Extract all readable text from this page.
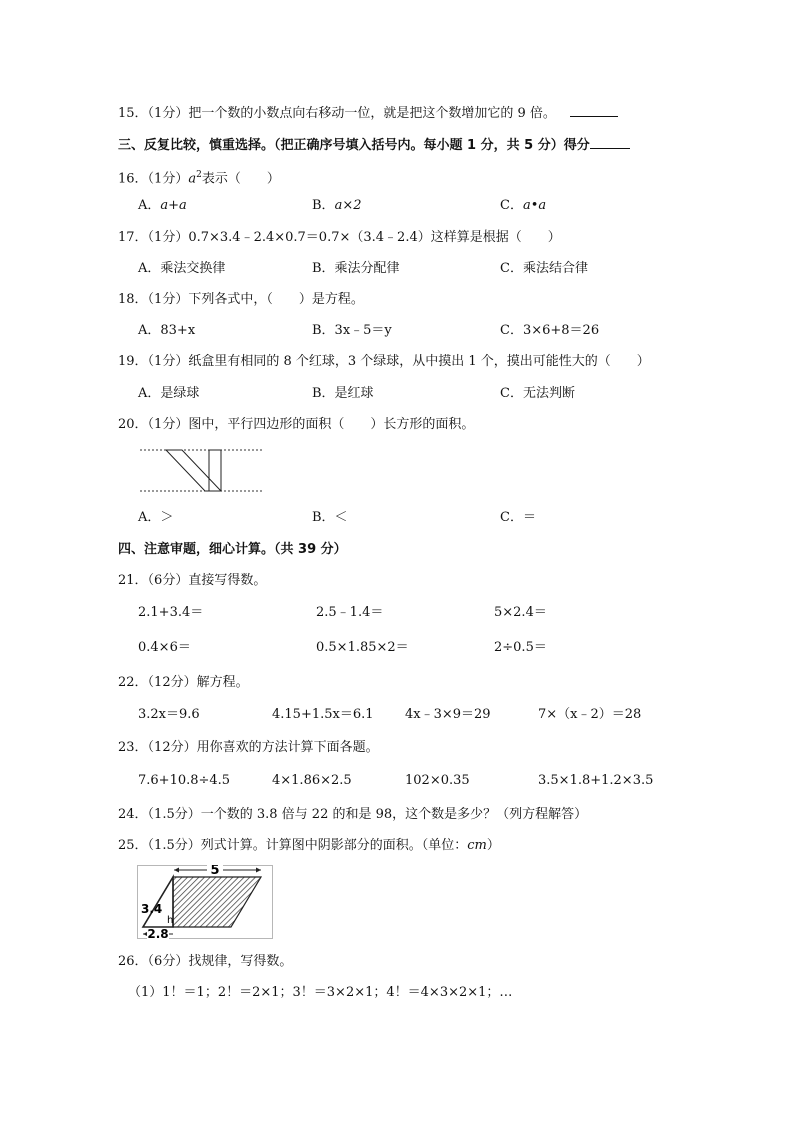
15．（1分）把一个数的小数点向右移动一位，就是把这个数增加它的 9 倍。
三、反复比较，慎重选择。（把正确序号填入括号内。每小题 1 分，共 5 分）得分
16．（1分）$a^2$表示（　　）
A．a+a	B．a×2	C．a•a
17．（1分）0.7×3.4﹣2.4×0.7＝0.7×（3.4﹣2.4）这样算是根据（　　）
A．乘法交换律	B．乘法分配律	C．乘法结合律
18．（1分）下列各式中，（　　）是方程。
A．83+x	B．3x﹣5＝y	C．3×6+8＝26
19．（1分）纸盒里有相同的 8 个红球，3 个绿球，从中摸出 1 个，摸出可能性大的（　　）
A．是绿球	B．是红球	C．无法判断
20．（1分）图中，平行四边形的面积（　　）长方形的面积。
A．＞	B．＜	C．＝
四、注意审题，细心计算。（共 39 分）
21．（6分）直接写得数。
2.1+3.4＝	2.5﹣1.4＝	5×2.4＝
0.4×6＝	0.5×1.85×2＝	2÷0.5＝
22．（12分）解方程。
3.2x＝9.6	4.15+1.5x＝6.1 4x﹣3×9＝29	7×（x﹣2）＝28
23．（12分）用你喜欢的方法计算下面各题。
7.6+10.8÷4.5	4×1.86×2.5	102×0.35	3.5×1.8+1.2×3.5
24．（1.5分）一个数的 3.8 倍与 22 的和是 98，这个数是多少？（列方程解答）
25．（1.5分）列式计算。计算图中阴影部分的面积。（单位：cm）
5
3.4
h
2.8
26．（6分）找规律，写得数。
（1）1！＝1；2！＝2×1；3！＝3×2×1；4！＝4×3×2×1；…
